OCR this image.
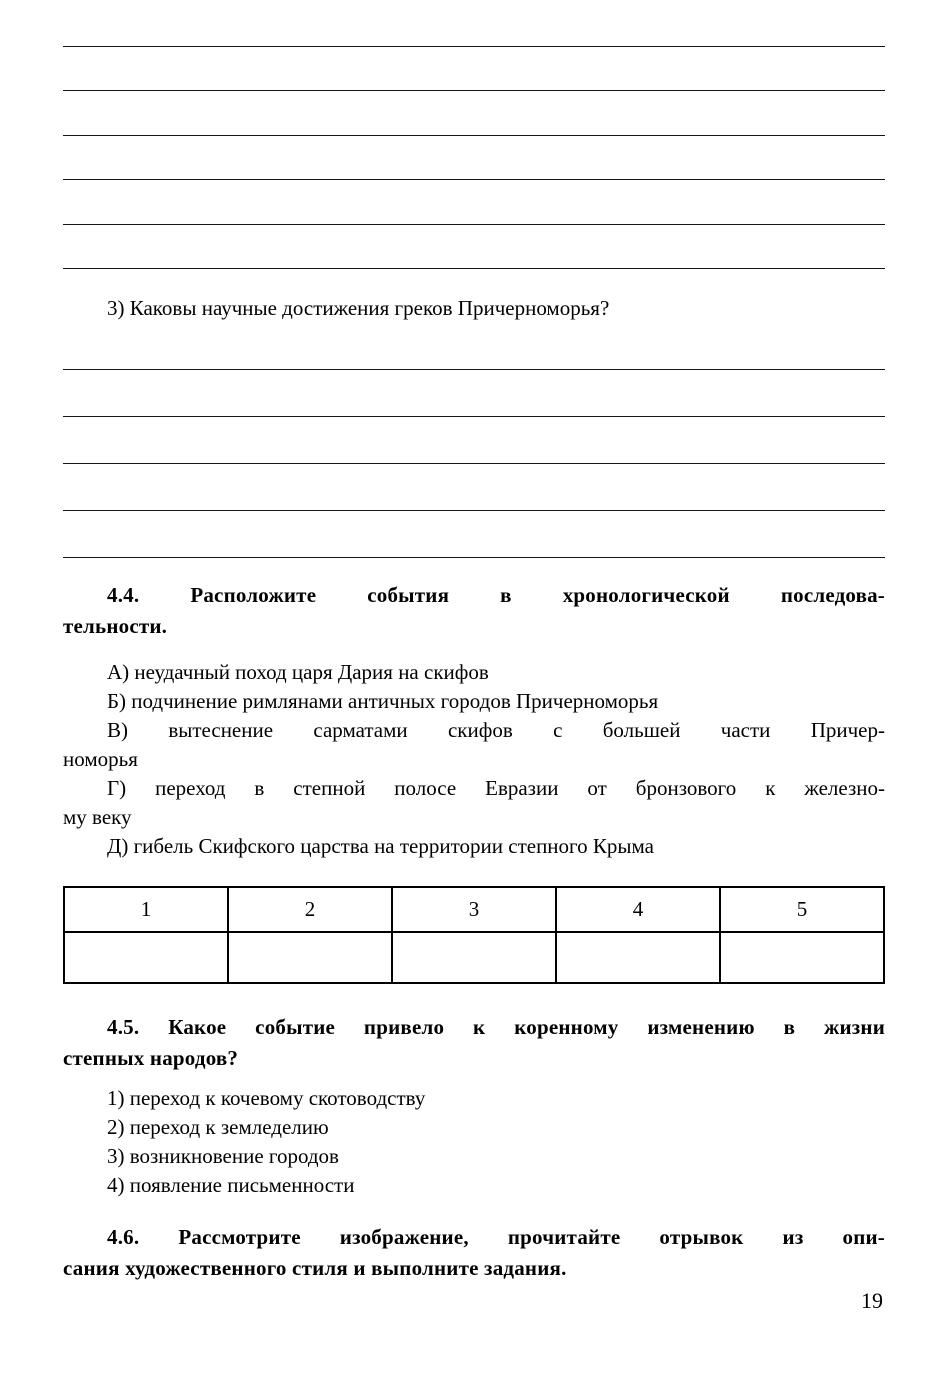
3) Каковы научные достижения греков Причерноморья?
4.4. Расположите события в хронологической последова-
тельности.
А) неудачный поход царя Дария на скифов
Б) подчинение римлянами античных городов Причерноморья
В) вытеснение сарматами скифов с большей части Причер-
номорья
Г) переход в степной полосе Евразии от бронзового к железно-
му веку
Д) гибель Скифского царства на территории степного Крыма
1	2	3	4	5

4.5. Какое событие привело к коренному изменению в жизни
степных народов?
1) переход к кочевому скотоводству
2) переход к земледелию
3) возникновение городов
4) появление письменности
4.6. Рассмотрите изображение, прочитайте отрывок из опи-
сания художественного стиля и выполните задания.
19
